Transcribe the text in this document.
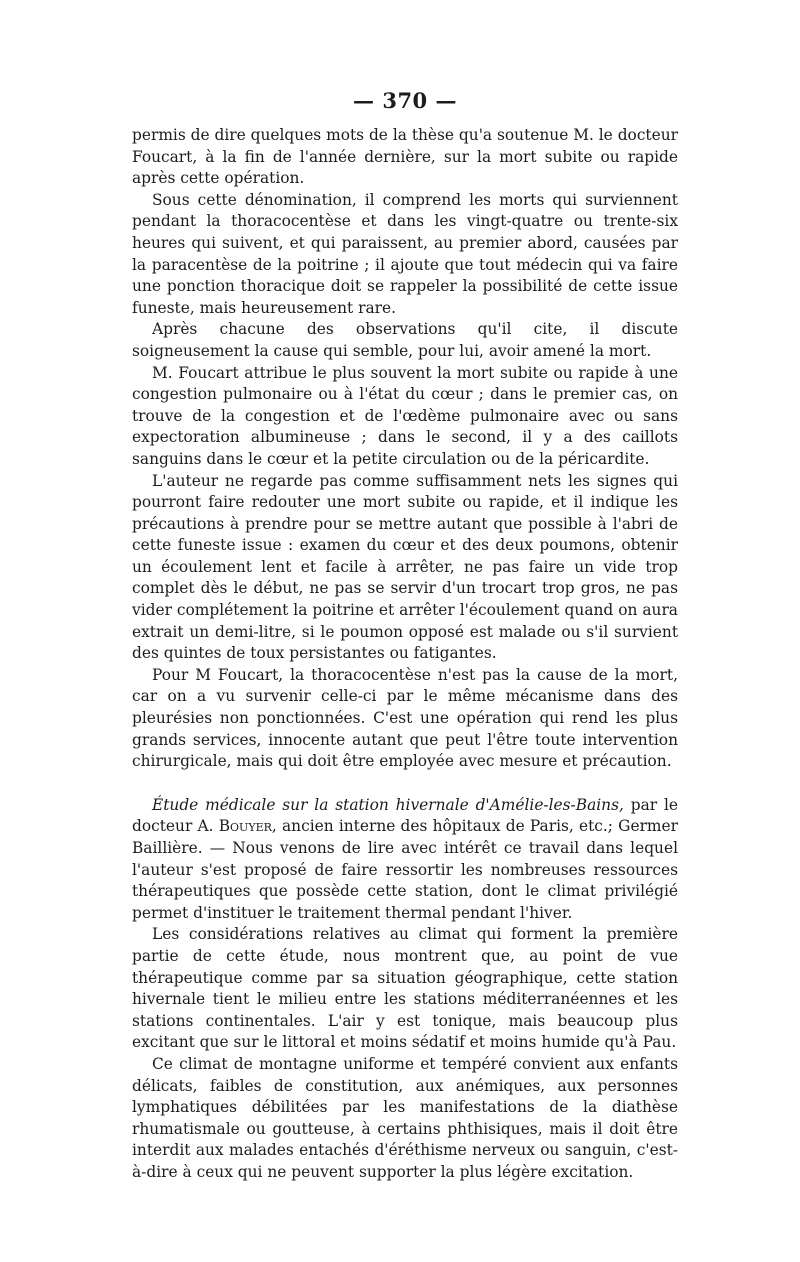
— 370 —

permis de dire quelques mots de la thèse qu'a soutenue M. le docteur Foucart, à la fin de l'année dernière, sur la mort subite ou rapide après cette opération.

Sous cette dénomination, il comprend les morts qui surviennent pendant la thoracocentèse et dans les vingt-quatre ou trente-six heures qui suivent, et qui paraissent, au premier abord, causées par la paracentèse de la poitrine ; il ajoute que tout médecin qui va faire une ponction thoracique doit se rappeler la possibilité de cette issue funeste, mais heureusement rare.

Après chacune des observations qu'il cite, il discute soigneusement la cause qui semble, pour lui, avoir amené la mort.

M. Foucart attribue le plus souvent la mort subite ou rapide à une congestion pulmonaire ou à l'état du cœur ; dans le premier cas, on trouve de la congestion et de l'œdème pulmonaire avec ou sans expectoration albumineuse ; dans le second, il y a des caillots sanguins dans le cœur et la petite circulation ou de la péricardite.

L'auteur ne regarde pas comme suffisamment nets les signes qui pourront faire redouter une mort subite ou rapide, et il indique les précautions à prendre pour se mettre autant que possible à l'abri de cette funeste issue : examen du cœur et des deux poumons, obtenir un écoulement lent et facile à arrêter, ne pas faire un vide trop complet dès le début, ne pas se servir d'un trocart trop gros, ne pas vider complétement la poitrine et arrêter l'écoulement quand on aura extrait un demi-litre, si le poumon opposé est malade ou s'il survient des quintes de toux persistantes ou fatigantes.

Pour M Foucart, la thoracocentèse n'est pas la cause de la mort, car on a vu survenir celle-ci par le même mécanisme dans des pleurésies non ponctionnées. C'est une opération qui rend les plus grands services, innocente autant que peut l'être toute intervention chirurgicale, mais qui doit être employée avec mesure et précaution.

Étude médicale sur la station hivernale d'Amélie-les-Bains, par le docteur A. Bouyer, ancien interne des hôpitaux de Paris, etc.; Germer Baillière. — Nous venons de lire avec intérêt ce travail dans lequel l'auteur s'est proposé de faire ressortir les nombreuses ressources thérapeutiques que possède cette station, dont le climat privilégié permet d'instituer le traitement thermal pendant l'hiver.

Les considérations relatives au climat qui forment la première partie de cette étude, nous montrent que, au point de vue thérapeutique comme par sa situation géographique, cette station hivernale tient le milieu entre les stations méditerranéennes et les stations continentales. L'air y est tonique, mais beaucoup plus excitant que sur le littoral et moins sédatif et moins humide qu'à Pau.

Ce climat de montagne uniforme et tempéré convient aux enfants délicats, faibles de constitution, aux anémiques, aux personnes lymphatiques débilitées par les manifestations de la diathèse rhumatismale ou goutteuse, à certains phthisiques, mais il doit être interdit aux malades entachés d'éréthisme nerveux ou sanguin, c'est-à-dire à ceux qui ne peuvent supporter la plus légère excitation.
